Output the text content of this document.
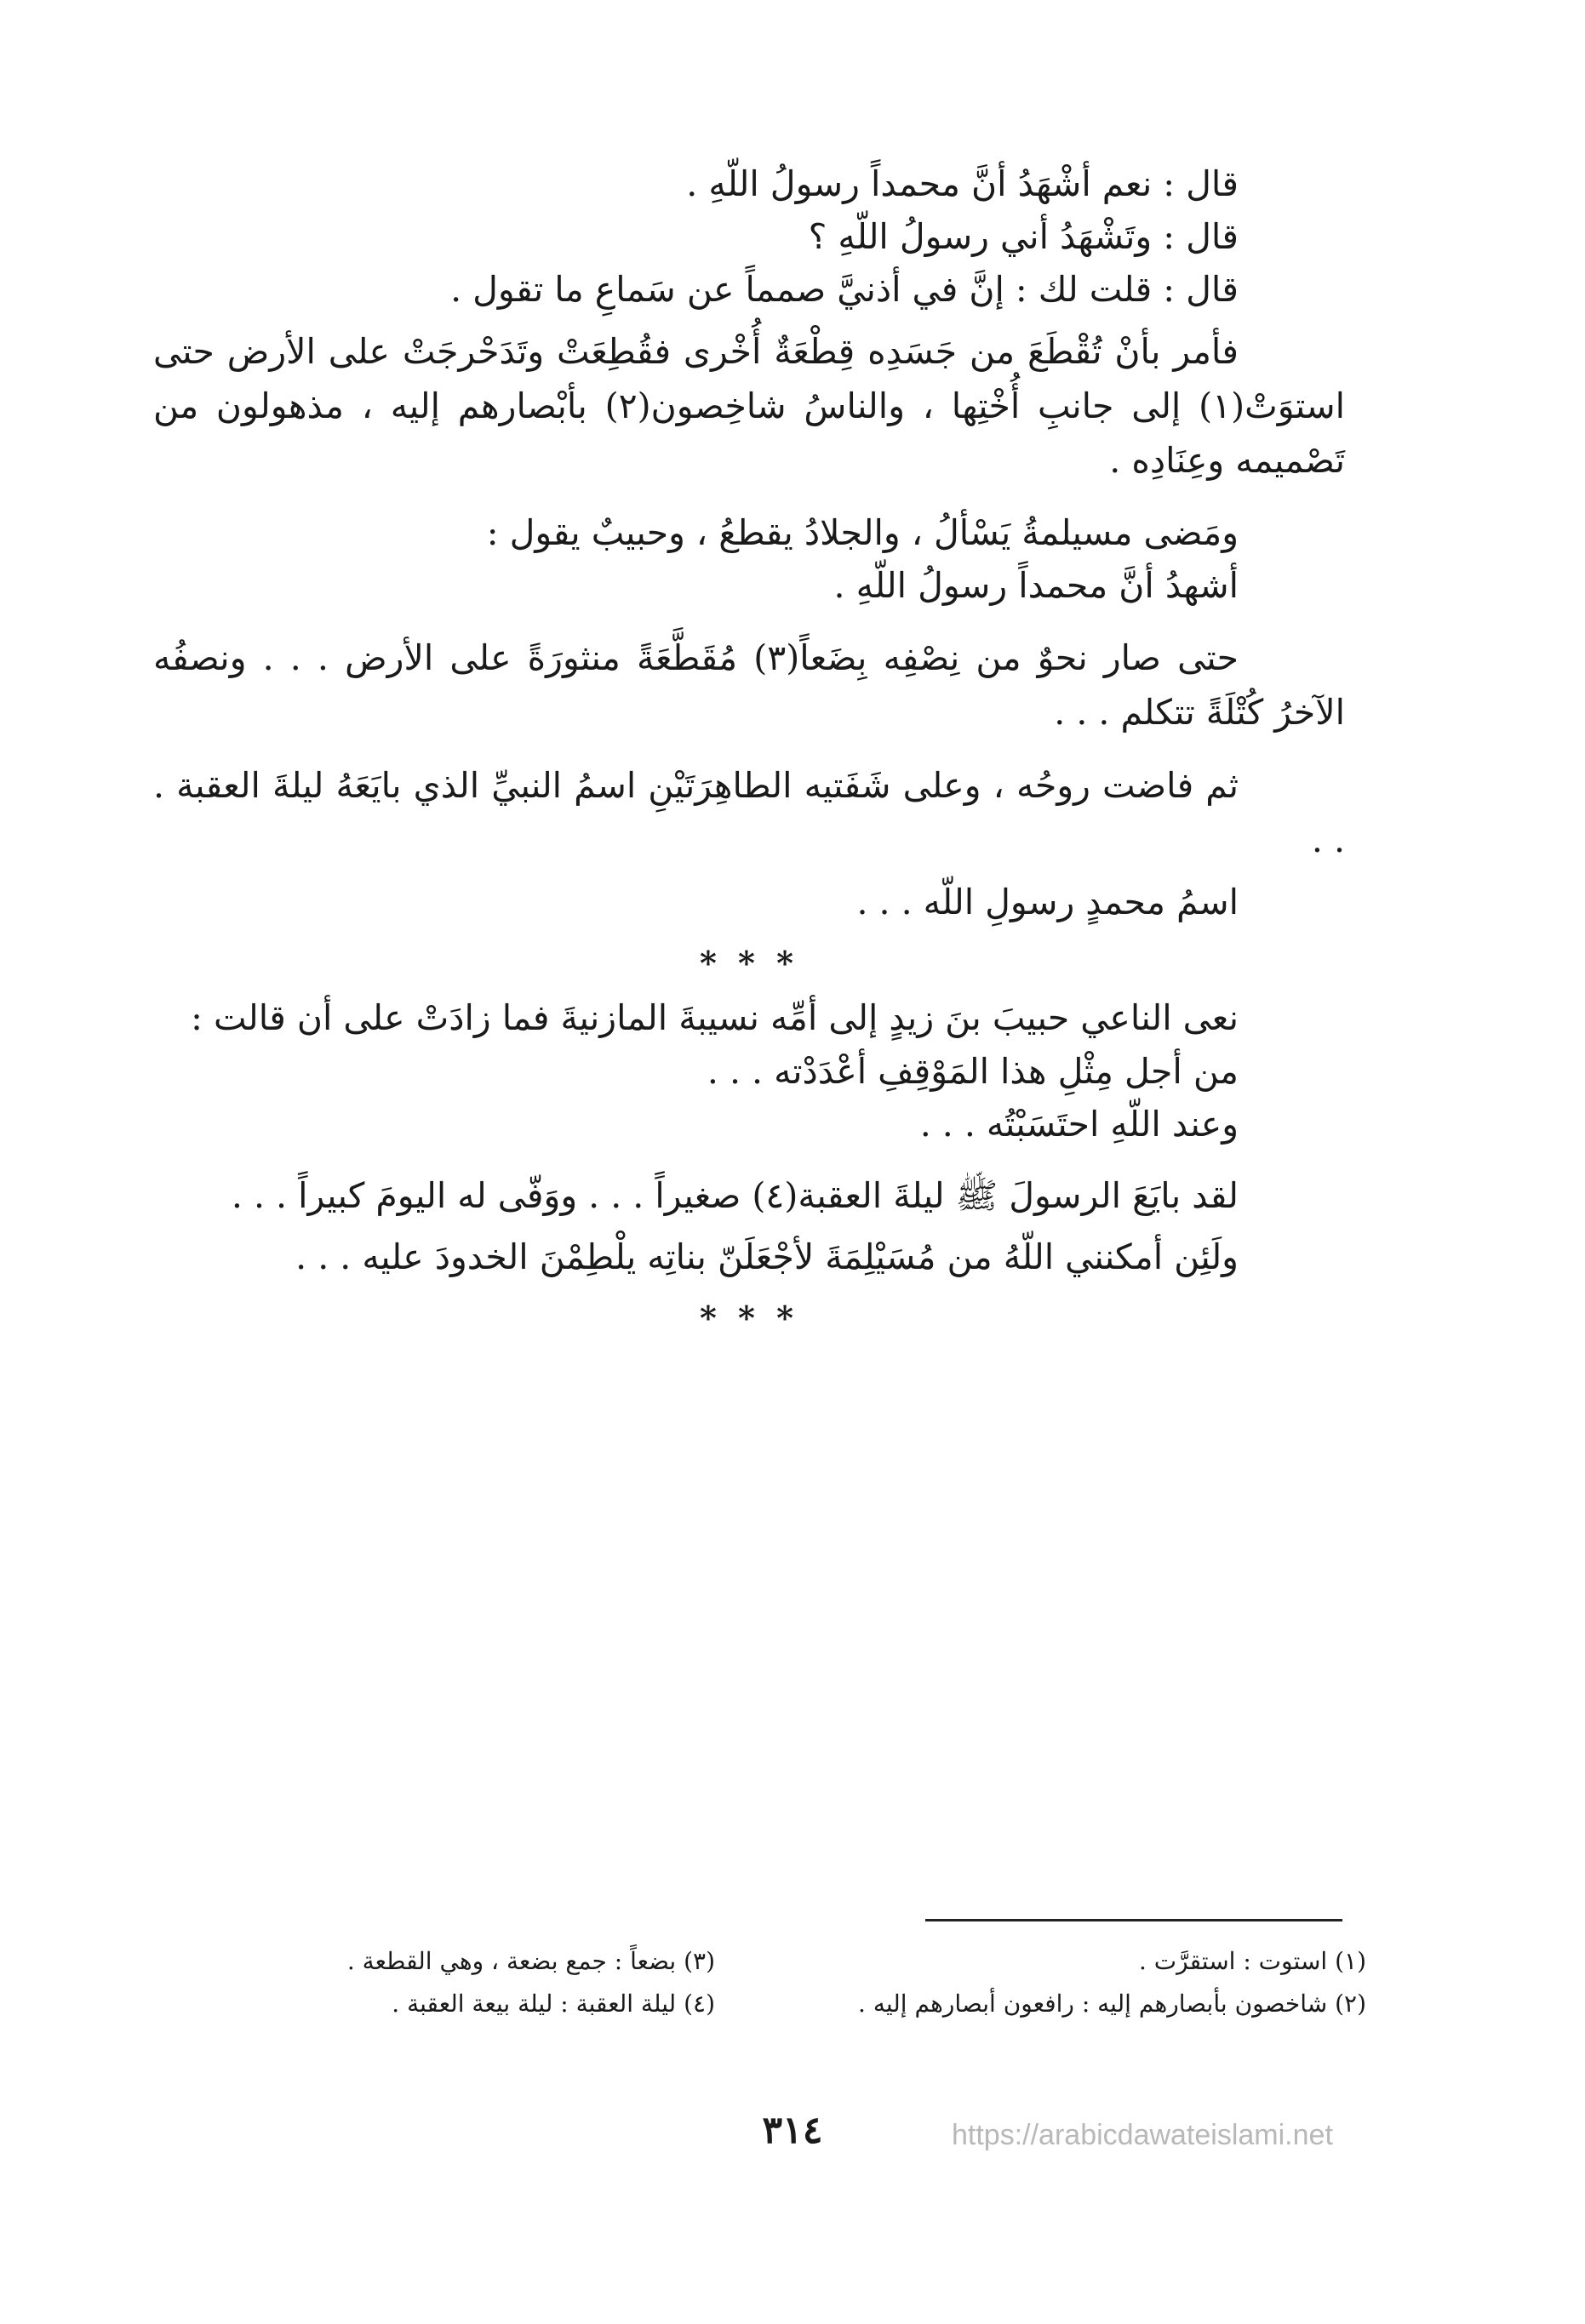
قال : نعم أشْهَدُ أنَّ محمداً رسولُ اللّهِ .
قال : وتَشْهَدُ أني رسولُ اللّهِ ؟
قال : قلت لك : إنَّ في أذنيَّ صمماً عن سَماعِ ما تقول .
فأمر بأنْ تُقْطَعَ من جَسَدِه قِطْعَةٌ أُخْرى فقُطِعَتْ وتَدَحْرجَتْ على الأرض حتى استوَتْ(١) إلى جانبِ أُخْتِها ، والناسُ شاخِصون(٢) بأبْصارهم إليه ، مذهولون من تَصْميمه وعِنَادِه .
ومَضى مسيلمةُ يَسْألُ ، والجلادُ يقطعُ ، وحبيبٌ يقول :
أشهدُ أنَّ محمداً رسولُ اللّهِ .
حتى صار نحوٌ من نِصْفِه بِضَعاً(٣) مُقَطَّعَةً منثورَةً على الأرض . . . ونصفُه الآخرُ كُتْلَةً تتكلم . . .
ثم فاضت روحُه ، وعلى شَفَتيه الطاهِرَتَيْنِ اسمُ النبيِّ الذي بايَعَهُ ليلةَ العقبة . . .
اسمُ محمدٍ رسولِ اللّه . . .
* * *
نعى الناعي حبيبَ بنَ زيدٍ إلى أمِّه نسيبةَ المازنيةَ فما زادَتْ على أن قالت :
من أجل مِثْلِ هذا المَوْقِفِ أعْدَدْته . . .
وعند اللّهِ احتَسَبْتُه . . .
لقد بايَعَ الرسولَ ﷺ ليلةَ العقبة(٤) صغيراً . . . ووَفّى له اليومَ كبيراً . . .
ولَئِن أمكنني اللّهُ من مُسَيْلِمَةَ لأجْعَلَنّ بناتِه يلْطِمْنَ الخدودَ عليه . . .
* * *
(١) استوت : استقرَّت .
(٣) بضعاً : جمع بضعة ، وهي القطعة .
(٢) شاخصون بأبصارهم إليه : رافعون أبصارهم إليه .
(٤) ليلة العقبة : ليلة بيعة العقبة .
٣١٤	https://arabicdawateislami.net
